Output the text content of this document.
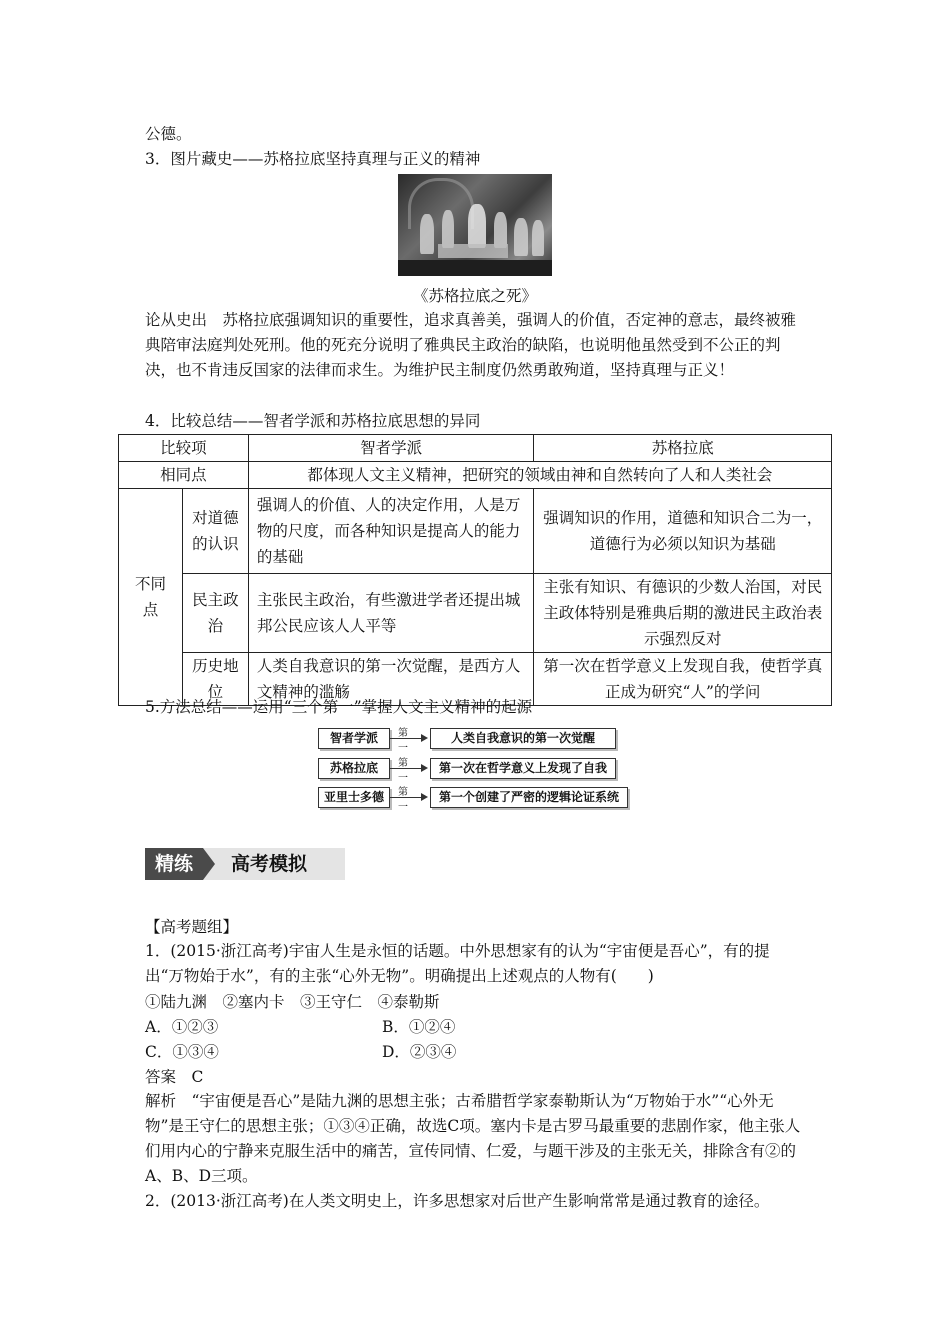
公德。
3．图片藏史——苏格拉底坚持真理与正义的精神
《苏格拉底之死》
论从史出　苏格拉底强调知识的重要性，追求真善美，强调人的价值，否定神的意志，最终被雅典陪审法庭判处死刑。他的死充分说明了雅典民主政治的缺陷，也说明他虽然受到不公正的判决，也不肯违反国家的法律而求生。为维护民主制度仍然勇敢殉道，坚持真理与正义！
4．比较总结——智者学派和苏格拉底思想的异同
比较项		智者学派	苏格拉底
相同点		都体现人文主义精神，把研究的领域由神和自然转向了人和人类社会	
不同点	对道德的认识	强调人的价值、人的决定作用，人是万物的尺度，而各种知识是提高人的能力的基础	强调知识的作用，道德和知识合二为一，道德行为必须以知识为基础
	民主政治	主张民主政治，有些激进学者还提出城邦公民应该人人平等	主张有知识、有德识的少数人治国，对民主政体特别是雅典后期的激进民主政治表示强烈反对
	历史地位	人类自我意识的第一次觉醒，是西方人文精神的滥觞	第一次在哲学意义上发现自我，使哲学真正成为研究“人”的学问
5.方法总结——运用“三个第一”掌握人文主义精神的起源
智者学派	第一
人类自我意识的第一次觉醒
苏格拉底	第一
第一次在哲学意义上发现了自我
亚里士多德	第一
第一个创建了严密的逻辑论证系统
精练	高考模拟
【高考题组】
1．(2015·浙江高考)宇宙人生是永恒的话题。中外思想家有的认为“宇宙便是吾心”，有的提出“万物始于水”，有的主张“心外无物”。明确提出上述观点的人物有(　　)
①陆九渊　②塞内卡　③王守仁　④泰勒斯
A．①②③	B．①②④
C．①③④	D．②③④
答案　C
解析　“宇宙便是吾心”是陆九渊的思想主张；古希腊哲学家泰勒斯认为“万物始于水”“心外无物”是王守仁的思想主张；①③④正确，故选C项。塞内卡是古罗马最重要的悲剧作家，他主张人们用内心的宁静来克服生活中的痛苦，宣传同情、仁爱，与题干涉及的主张无关，排除含有②的A、B、D三项。
2．(2013·浙江高考)在人类文明史上，许多思想家对后世产生影响常常是通过教育的途径。
